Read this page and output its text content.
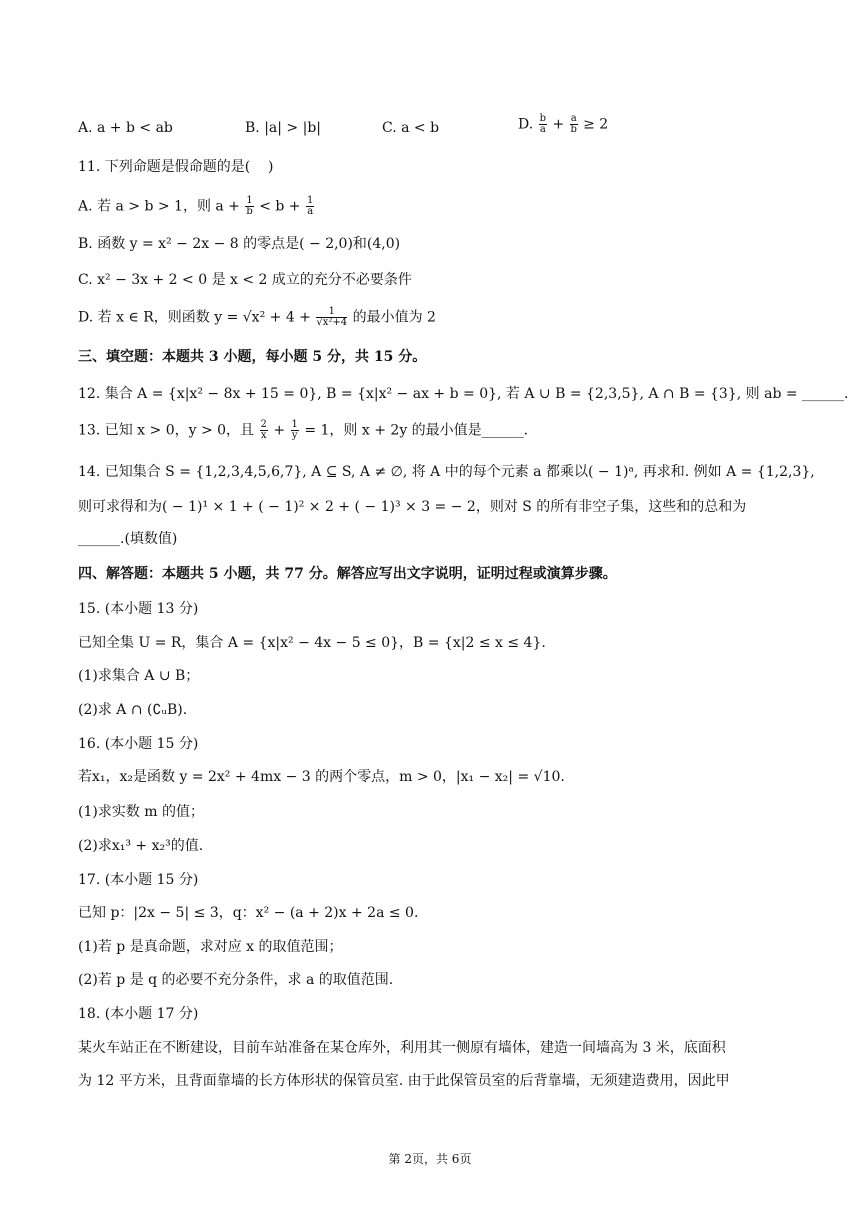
A. a + b < ab	B. |a| > |b|	C. a < b	D. $\frac{b}{a} + \frac{a}{b} \ge 2$
11. 下列命题是假命题的是(    )
A. 若 a > b > 1，则 $a + \frac{1}{b} < b + \frac{1}{a}$
B. 函数 y = x² − 2x − 8 的零点是( − 2,0)和(4,0)
C. x² − 3x + 2 < 0 是 x < 2 成立的充分不必要条件
D. 若 x ∈ R，则函数 $y = √x^2 + 4 + \frac{1}{\text{√x²+4}}$ 的最小值为 2
三、填空题：本题共 3 小题，每小题 5 分，共 15 分。
12. 集合 A = {x|x² − 8x + 15 = 0}, B = {x|x² − ax + b = 0}, 若 A ∪ B = {2,3,5}, A ∩ B = {3}, 则 ab = ______.
13. 已知 x > 0，y > 0，且 $\frac{2}{x} + \frac{1}{y} = 1$，则 x + 2y 的最小值是______.
14. 已知集合 S = {1,2,3,4,5,6,7}, A ⊆ S, A ≠ ∅, 将 A 中的每个元素 a 都乘以( − 1)ᵃ, 再求和. 例如 A = {1,2,3},
则可求得和为( − 1)¹ × 1 + ( − 1)² × 2 + ( − 1)³ × 3 = − 2，则对 S 的所有非空子集，这些和的总和为
______.(填数值)
四、解答题：本题共 5 小题，共 77 分。解答应写出文字说明，证明过程或演算步骤。
15. (本小题 13 分)
已知全集 U = R，集合 A = {x|x² − 4x − 5 ≤ 0}，B = {x|2 ≤ x ≤ 4}.
(1)求集合 A ∪ B；
(2)求 A ∩ (∁ᵤB).
16. (本小题 15 分)
若x₁，x₂是函数 y = 2x² + 4mx − 3 的两个零点，m > 0，|x₁ − x₂| = √10.
(1)求实数 m 的值；
(2)求x₁³ + x₂³的值.
17. (本小题 15 分)
已知 p：|2x − 5| ≤ 3，q：x² − (a + 2)x + 2a ≤ 0.
(1)若 p 是真命题，求对应 x 的取值范围；
(2)若 p 是 q 的必要不充分条件，求 a 的取值范围.
18. (本小题 17 分)
某火车站正在不断建设，目前车站准备在某仓库外，利用其一侧原有墙体，建造一间墙高为 3 米，底面积
为 12 平方米，且背面靠墙的长方体形状的保管员室. 由于此保管员室的后背靠墙，无须建造费用，因此甲
第 2页，共 6页
